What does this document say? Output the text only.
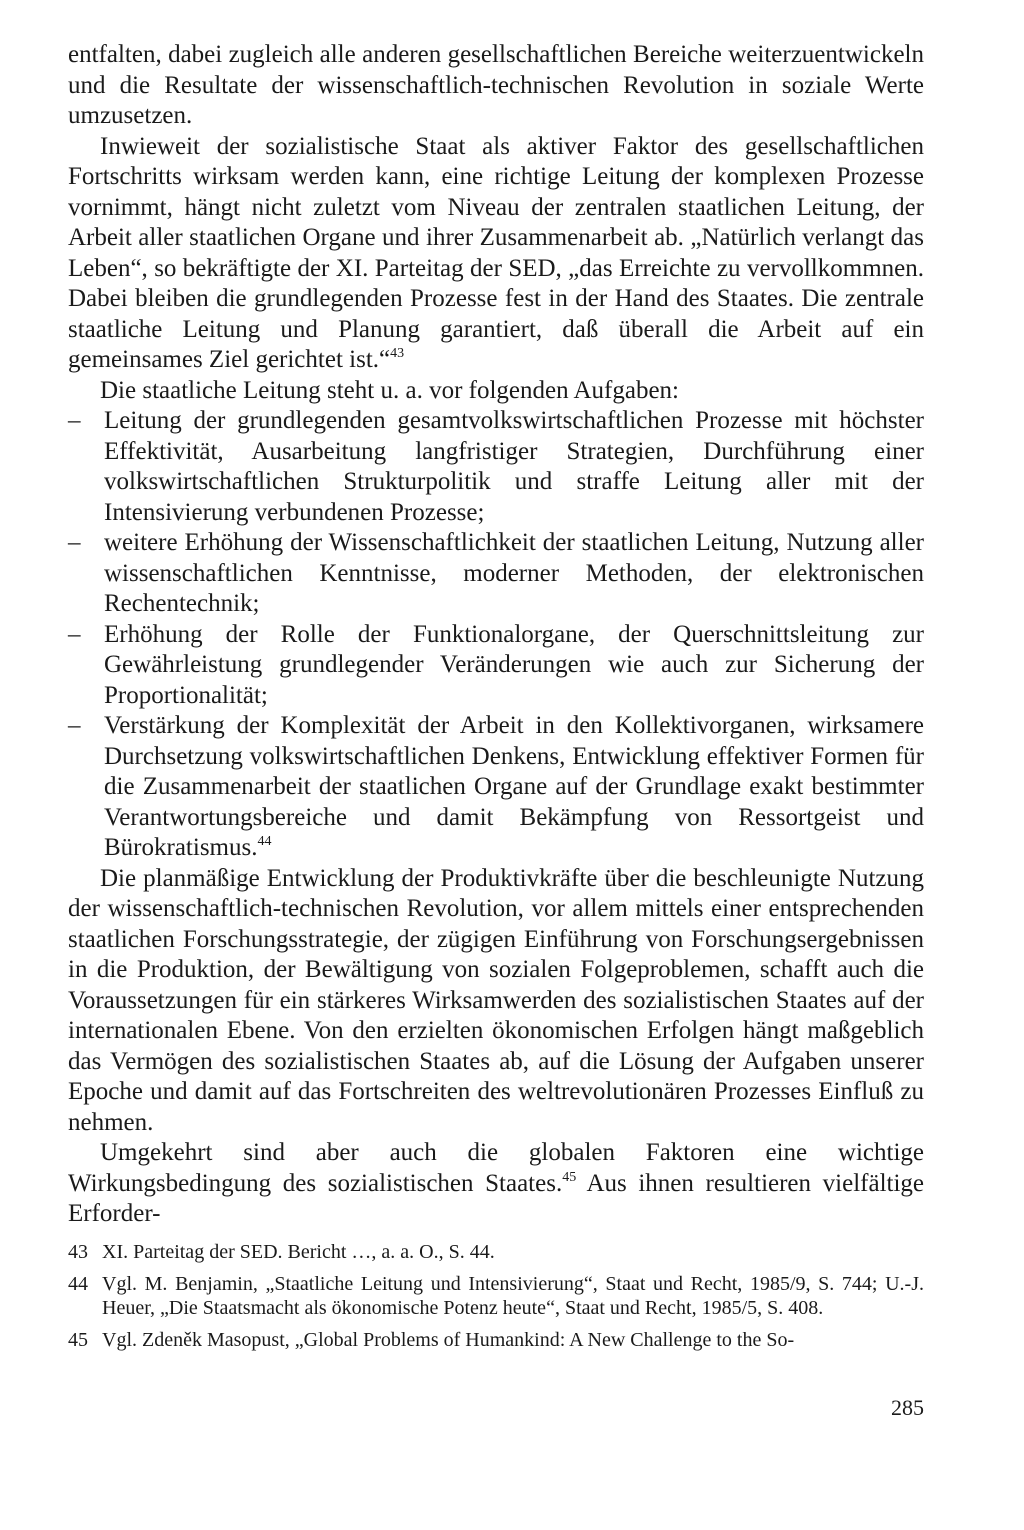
entfalten, dabei zugleich alle anderen gesellschaftlichen Bereiche weiterzuentwickeln und die Resultate der wissenschaftlich-technischen Revolution in soziale Werte umzusetzen.

Inwieweit der sozialistische Staat als aktiver Faktor des gesellschaftlichen Fortschritts wirksam werden kann, eine richtige Leitung der komplexen Prozesse vornimmt, hängt nicht zuletzt vom Niveau der zentralen staatlichen Leitung, der Arbeit aller staatlichen Organe und ihrer Zusammenarbeit ab. „Natürlich verlangt das Leben“, so bekräftigte der XI. Parteitag der SED, „das Erreichte zu vervollkommnen. Dabei bleiben die grundlegenden Prozesse fest in der Hand des Staates. Die zentrale staatliche Leitung und Planung garantiert, daß überall die Arbeit auf ein gemeinsames Ziel gerichtet ist.“$^{43}$

Die staatliche Leitung steht u. a. vor folgenden Aufgaben:

– Leitung der grundlegenden gesamtvolkswirtschaftlichen Prozesse mit höchster Effektivität, Ausarbeitung langfristiger Strategien, Durchführung einer volkswirtschaftlichen Strukturpolitik und straffe Leitung aller mit der Intensivierung verbundenen Prozesse;
– weitere Erhöhung der Wissenschaftlichkeit der staatlichen Leitung, Nutzung aller wissenschaftlichen Kenntnisse, moderner Methoden, der elektronischen Rechentechnik;
– Erhöhung der Rolle der Funktionalorgane, der Querschnittsleitung zur Gewährleistung grundlegender Veränderungen wie auch zur Sicherung der Proportionalität;
– Verstärkung der Komplexität der Arbeit in den Kollektivorganen, wirksamere Durchsetzung volkswirtschaftlichen Denkens, Entwicklung effektiver Formen für die Zusammenarbeit der staatlichen Organe auf der Grundlage exakt bestimmter Verantwortungsbereiche und damit Bekämpfung von Ressortgeist und Bürokratismus.$^{44}$

Die planmäßige Entwicklung der Produktivkräfte über die beschleunigte Nutzung der wissenschaftlich-technischen Revolution, vor allem mittels einer entsprechenden staatlichen Forschungsstrategie, der zügigen Einführung von Forschungsergebnissen in die Produktion, der Bewältigung von sozialen Folgeproblemen, schafft auch die Voraussetzungen für ein stärkeres Wirksamwerden des sozialistischen Staates auf der internationalen Ebene. Von den erzielten ökonomischen Erfolgen hängt maßgeblich das Vermögen des sozialistischen Staates ab, auf die Lösung der Aufgaben unserer Epoche und damit auf das Fortschreiten des weltrevolutionären Prozesses Einfluß zu nehmen.

Umgekehrt sind aber auch die globalen Faktoren eine wichtige Wirkungsbedingung des sozialistischen Staates.$^{45}$ Aus ihnen resultieren vielfältige Erforder-

43 XI. Parteitag der SED. Bericht …, a. a. O., S. 44.
44 Vgl. M. Benjamin, „Staatliche Leitung und Intensivierung“, Staat und Recht, 1985/9, S. 744; U.-J. Heuer, „Die Staatsmacht als ökonomische Potenz heute“, Staat und Recht, 1985/5, S. 408.
45 Vgl. Zdeněk Masopust, „Global Problems of Humankind: A New Challenge to the So-
285
